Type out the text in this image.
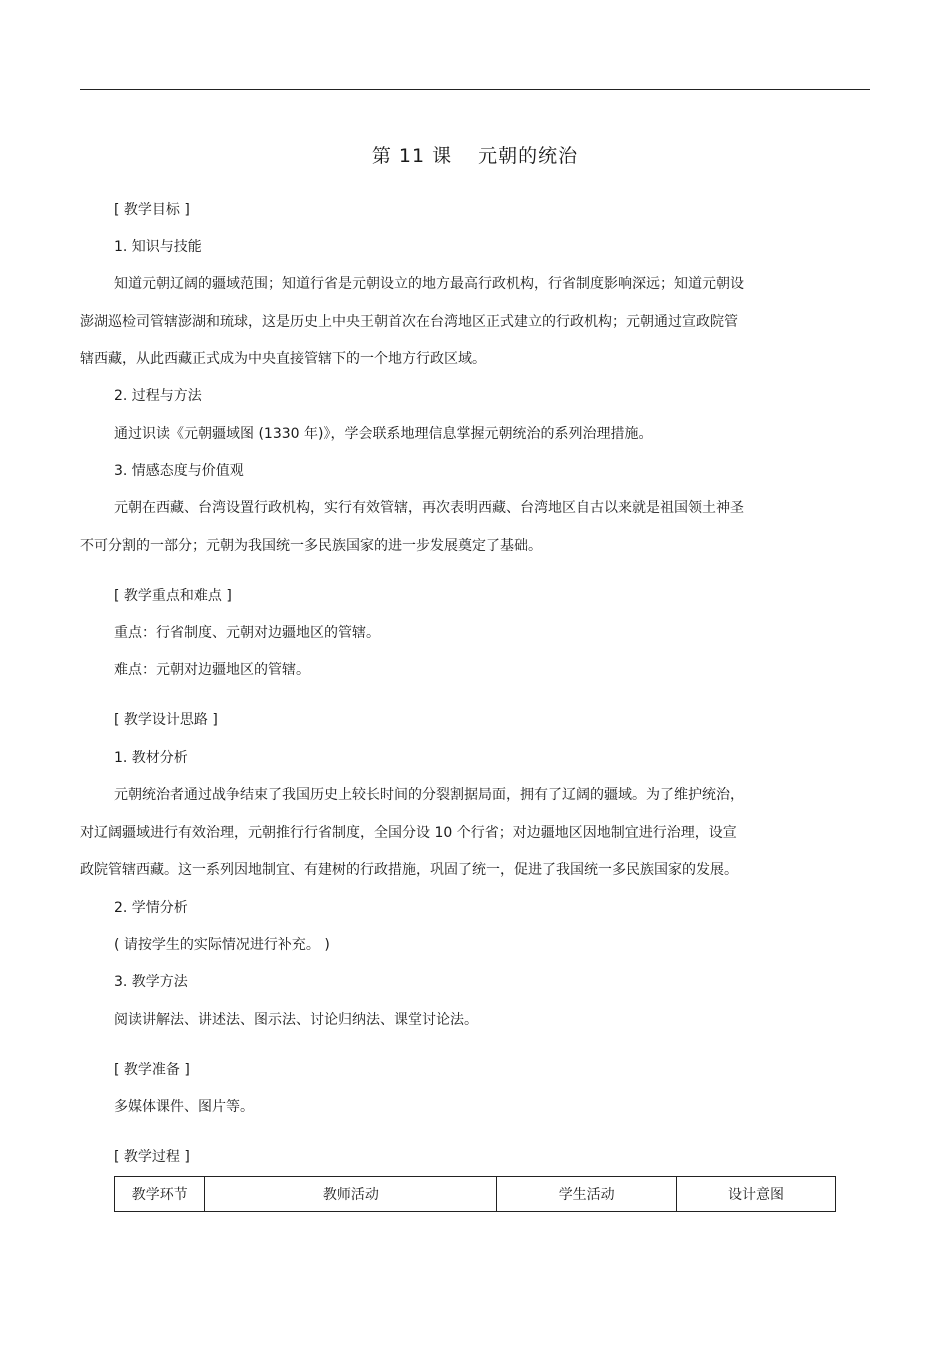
第 11 课 元朝的统治
[ 教学目标 ]
1. 知识与技能
知道元朝辽阔的疆域范围；知道行省是元朝设立的地方最高行政机构，行省制度影响深远；知道元朝设
澎湖巡检司管辖澎湖和琉球，这是历史上中央王朝首次在台湾地区正式建立的行政机构；元朝通过宣政院管
辖西藏，从此西藏正式成为中央直接管辖下的一个地方行政区域。
2. 过程与方法
通过识读《元朝疆域图 (1330 年)》，学会联系地理信息掌握元朝统治的系列治理措施。
3. 情感态度与价值观
元朝在西藏、台湾设置行政机构，实行有效管辖，再次表明西藏、台湾地区自古以来就是祖国领土神圣
不可分割的一部分；元朝为我国统一多民族国家的进一步发展奠定了基础。
[ 教学重点和难点 ]
重点：行省制度、元朝对边疆地区的管辖。
难点：元朝对边疆地区的管辖。
[ 教学设计思路 ]
1. 教材分析
元朝统治者通过战争结束了我国历史上较长时间的分裂割据局面，拥有了辽阔的疆域。为了维护统治，
对辽阔疆域进行有效治理，元朝推行行省制度，全国分设 10 个行省；对边疆地区因地制宜进行治理，设宣
政院管辖西藏。这一系列因地制宜、有建树的行政措施，巩固了统一，促进了我国统一多民族国家的发展。
2. 学情分析
( 请按学生的实际情况进行补充。 )
3. 教学方法
阅读讲解法、讲述法、图示法、讨论归纳法、课堂讨论法。
[ 教学准备 ]
多媒体课件、图片等。
[ 教学过程 ]
教学环节	教师活动	学生活动	设计意图
